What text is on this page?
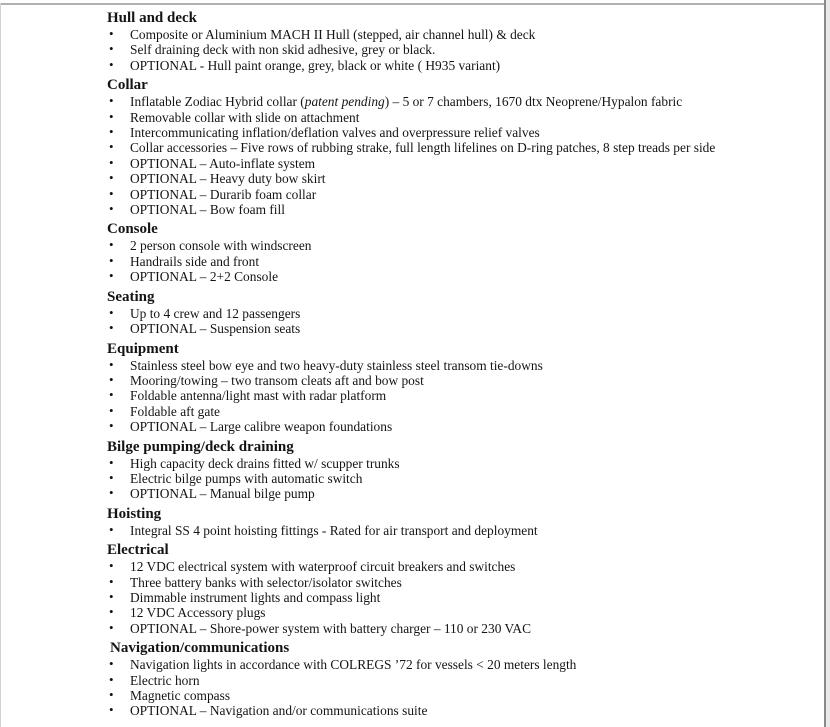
Hull and deck
• Composite or Aluminium MACH II Hull (stepped, air channel hull) & deck
• Self draining deck with non skid adhesive, grey or black.
• OPTIONAL - Hull paint orange, grey, black or white ( H935 variant)
Collar
• Inflatable Zodiac Hybrid collar (patent pending) – 5 or 7 chambers, 1670 dtx Neoprene/Hypalon fabric
• Removable collar with slide on attachment
• Intercommunicating inflation/deflation valves and overpressure relief valves
• Collar accessories – Five rows of rubbing strake, full length lifelines on D-ring patches, 8 step treads per side
• OPTIONAL – Auto-inflate system
• OPTIONAL – Heavy duty bow skirt
• OPTIONAL – Durarib foam collar
• OPTIONAL – Bow foam fill
Console
• 2 person console with windscreen
• Handrails side and front
• OPTIONAL – 2+2 Console
Seating
• Up to 4 crew and 12 passengers
• OPTIONAL – Suspension seats
Equipment
• Stainless steel bow eye and two heavy-duty stainless steel transom tie-downs
• Mooring/towing – two transom cleats aft and bow post
• Foldable antenna/light mast with radar platform
• Foldable aft gate
• OPTIONAL – Large calibre weapon foundations
Bilge pumping/deck draining
• High capacity deck drains fitted w/ scupper trunks
• Electric bilge pumps with automatic switch
• OPTIONAL – Manual bilge pump
Hoisting
• Integral SS 4 point hoisting fittings - Rated for air transport and deployment
Electrical
• 12 VDC electrical system with waterproof circuit breakers and switches
• Three battery banks with selector/isolator switches
• Dimmable instrument lights and compass light
• 12 VDC Accessory plugs
• OPTIONAL – Shore-power system with battery charger – 110 or 230 VAC
Navigation/communications
• Navigation lights in accordance with COLREGS ’72 for vessels < 20 meters length
• Electric horn
• Magnetic compass
• OPTIONAL – Navigation and/or communications suite
